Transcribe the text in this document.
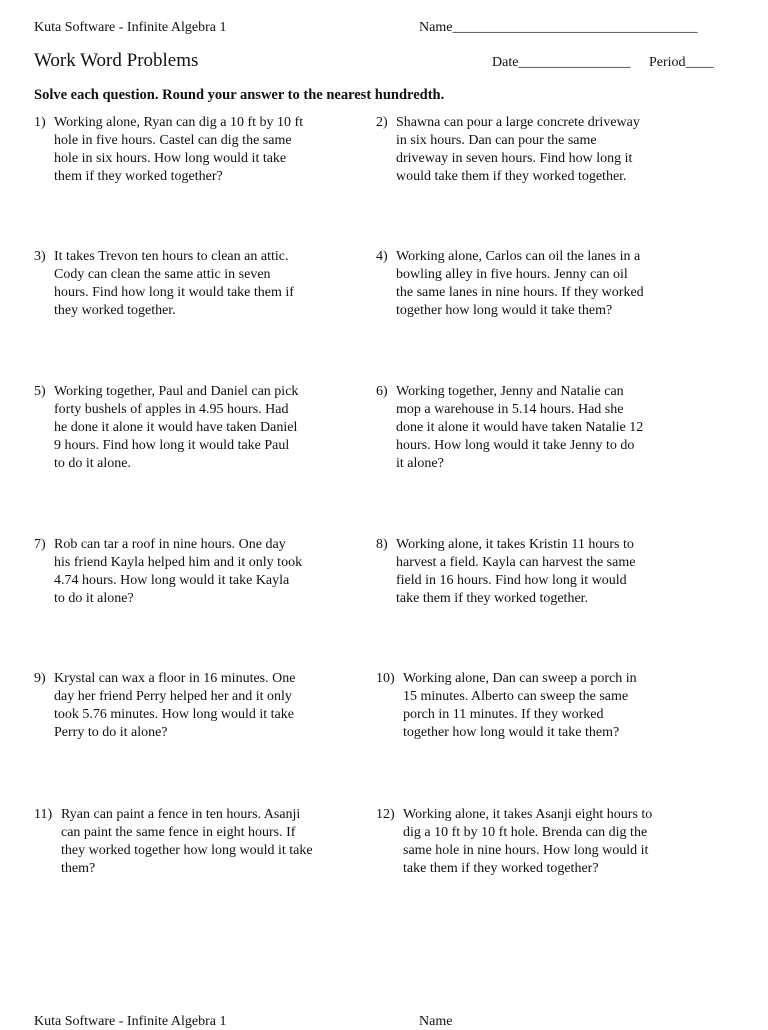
Kuta Software - Infinite Algebra 1	Name___________________________________
Work Word Problems	Date________________ Period____
Solve each question. Round your answer to the nearest hundredth.
1) Working alone, Ryan can dig a 10 ft by 10 ft
hole in five hours. Castel can dig the same
hole in six hours. How long would it take
them if they worked together?
2) Shawna can pour a large concrete driveway
in six hours. Dan can pour the same
driveway in seven hours. Find how long it
would take them if they worked together.
3) It takes Trevon ten hours to clean an attic.
Cody can clean the same attic in seven
hours. Find how long it would take them if
they worked together.
4) Working alone, Carlos can oil the lanes in a
bowling alley in five hours. Jenny can oil
the same lanes in nine hours. If they worked
together how long would it take them?
5) Working together, Paul and Daniel can pick
forty bushels of apples in 4.95 hours. Had
he done it alone it would have taken Daniel
9 hours. Find how long it would take Paul
to do it alone.
6) Working together, Jenny and Natalie can
mop a warehouse in 5.14 hours. Had she
done it alone it would have taken Natalie 12
hours. How long would it take Jenny to do
it alone?
7) Rob can tar a roof in nine hours. One day
his friend Kayla helped him and it only took
4.74 hours. How long would it take Kayla
to do it alone?
8) Working alone, it takes Kristin 11 hours to
harvest a field. Kayla can harvest the same
field in 16 hours. Find how long it would
take them if they worked together.
9) Krystal can wax a floor in 16 minutes. One
day her friend Perry helped her and it only
took 5.76 minutes. How long would it take
Perry to do it alone?
10) Working alone, Dan can sweep a porch in
15 minutes. Alberto can sweep the same
porch in 11 minutes. If they worked
together how long would it take them?
11) Ryan can paint a fence in ten hours. Asanji
can paint the same fence in eight hours. If
they worked together how long would it take
them?
12) Working alone, it takes Asanji eight hours to
dig a 10 ft by 10 ft hole. Brenda can dig the
same hole in nine hours. How long would it
take them if they worked together?
Kuta Software - Infinite Algebra 1	Name
